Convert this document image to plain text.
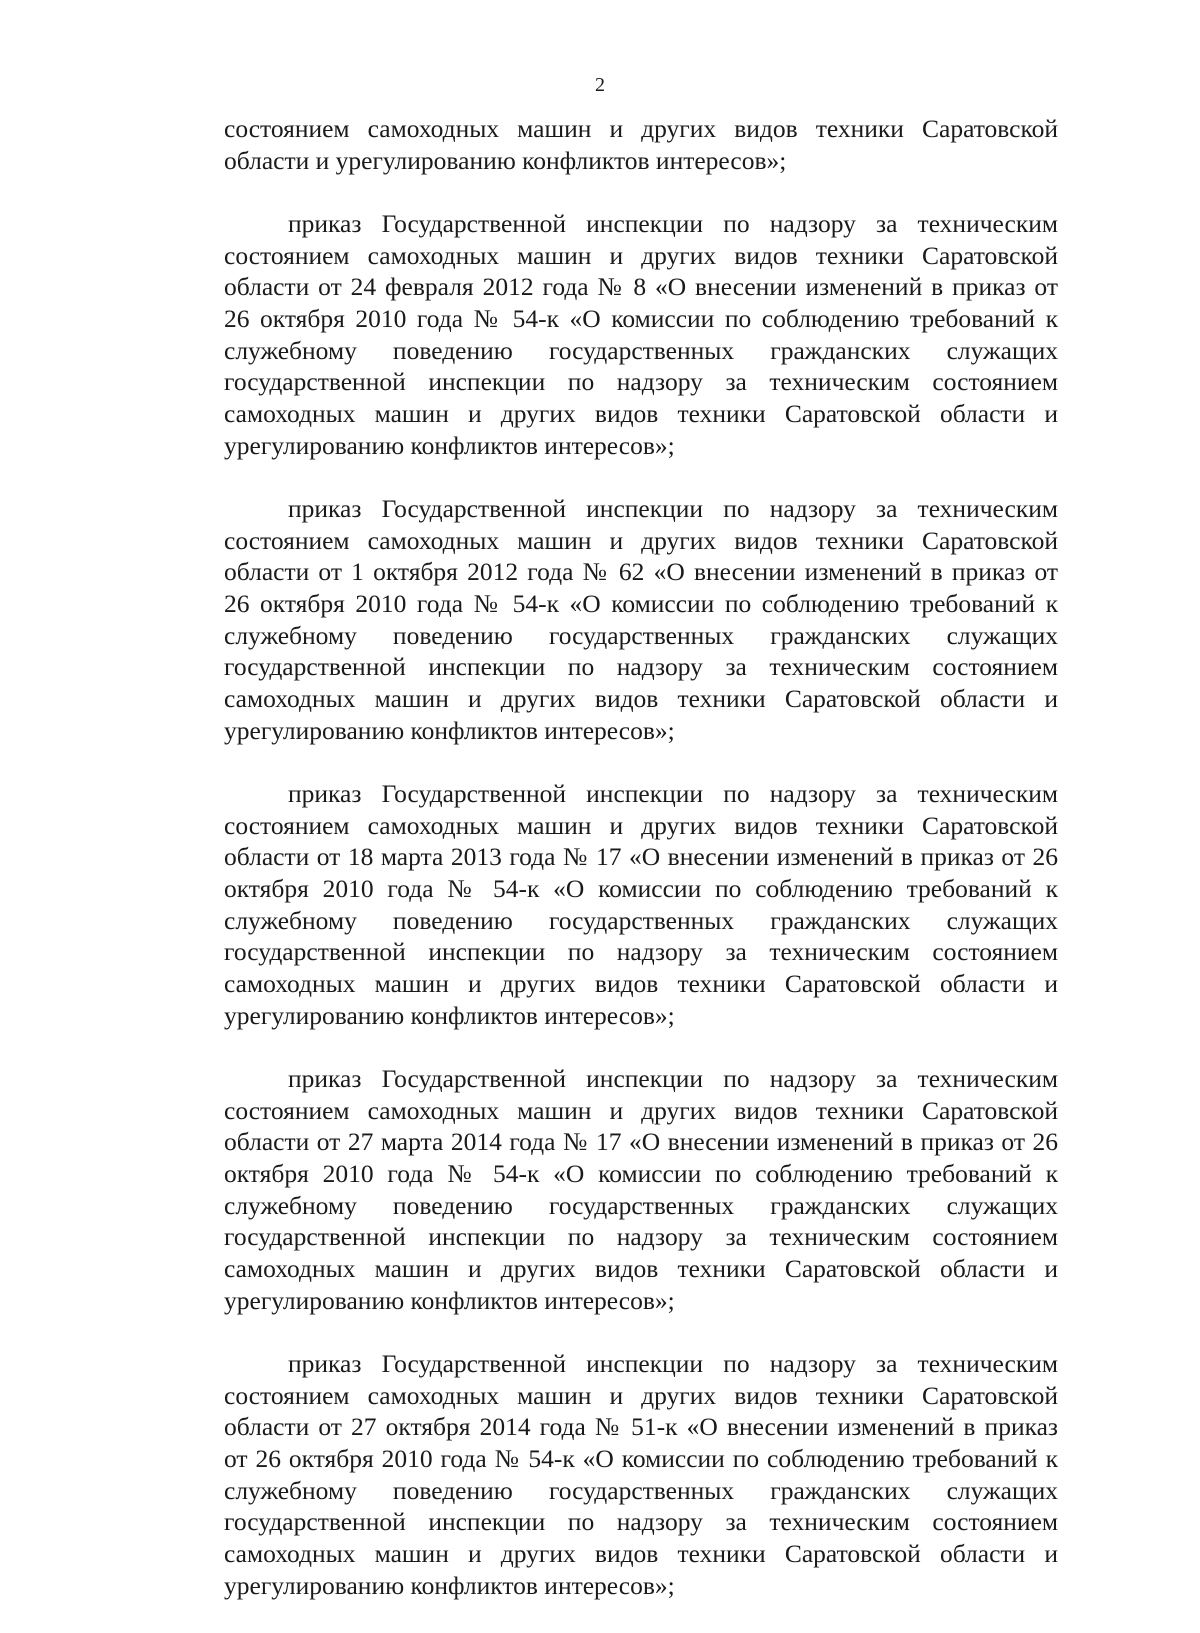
2
состоянием самоходных машин и других видов техники Саратовской
области и урегулированию конфликтов интересов»;
приказ Государственной инспекции по надзору за техническим
состоянием самоходных машин и других видов техники Саратовской
области от 24 февраля 2012 года № 8 «О внесении изменений в приказ от
26 октября 2010 года № 54-к «О комиссии по соблюдению требований к
служебному поведению государственных гражданских служащих
государственной инспекции по надзору за техническим состоянием
самоходных машин и других видов техники Саратовской области и
урегулированию конфликтов интересов»;
приказ Государственной инспекции по надзору за техническим
состоянием самоходных машин и других видов техники Саратовской
области от 1 октября 2012 года № 62 «О внесении изменений в приказ от
26 октября 2010 года № 54-к «О комиссии по соблюдению требований к
служебному поведению государственных гражданских служащих
государственной инспекции по надзору за техническим состоянием
самоходных машин и других видов техники Саратовской области и
урегулированию конфликтов интересов»;
приказ Государственной инспекции по надзору за техническим
состоянием самоходных машин и других видов техники Саратовской
области от 18 марта 2013 года № 17 «О внесении изменений в приказ от 26
октября 2010 года № 54-к «О комиссии по соблюдению требований к
служебному поведению государственных гражданских служащих
государственной инспекции по надзору за техническим состоянием
самоходных машин и других видов техники Саратовской области и
урегулированию конфликтов интересов»;
приказ Государственной инспекции по надзору за техническим
состоянием самоходных машин и других видов техники Саратовской
области от 27 марта 2014 года № 17 «О внесении изменений в приказ от 26
октября 2010 года № 54-к «О комиссии по соблюдению требований к
служебному поведению государственных гражданских служащих
государственной инспекции по надзору за техническим состоянием
самоходных машин и других видов техники Саратовской области и
урегулированию конфликтов интересов»;
приказ Государственной инспекции по надзору за техническим
состоянием самоходных машин и других видов техники Саратовской
области от 27 октября 2014 года № 51-к «О внесении изменений в приказ
от 26 октября 2010 года № 54-к «О комиссии по соблюдению требований к
служебному поведению государственных гражданских служащих
государственной инспекции по надзору за техническим состоянием
самоходных машин и других видов техники Саратовской области и
урегулированию конфликтов интересов»;
